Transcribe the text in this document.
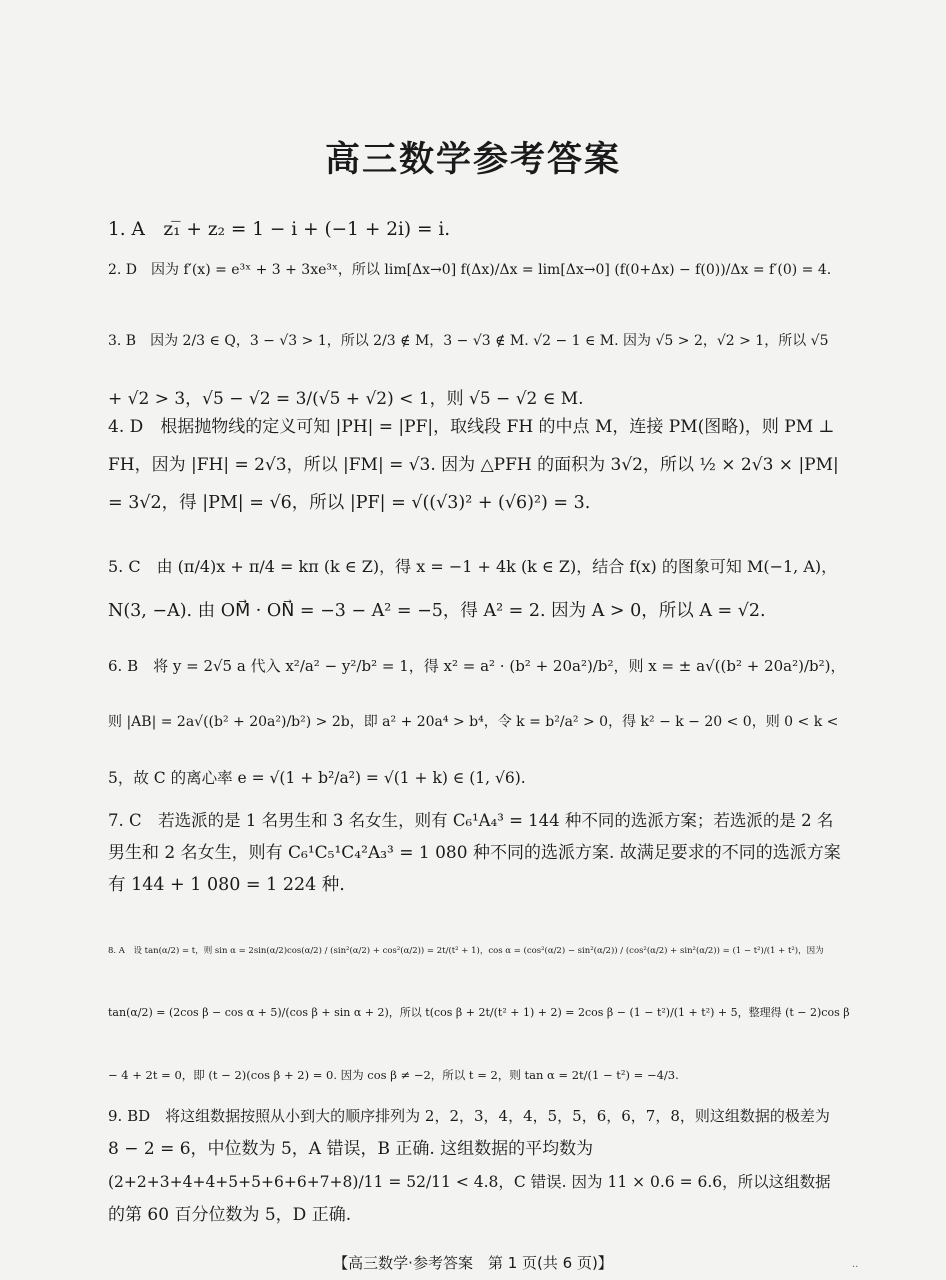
高三数学参考答案
1. A　z₁̅ + z₂ = 1 − i + (−1 + 2i) = i.
2. D　因为 f′(x) = e³ˣ + 3 + 3xe³ˣ，所以 lim[Δx→0] f(Δx)/Δx = lim[Δx→0] (f(0+Δx) − f(0))/Δx = f′(0) = 4.
3. B　因为 2/3 ∈ Q，3 − √3 > 1，所以 2/3 ∉ M，3 − √3 ∉ M. √2 − 1 ∈ M. 因为 √5 > 2，√2 > 1，所以 √5
+ √2 > 3，√5 − √2 = 3/(√5 + √2) < 1，则 √5 − √2 ∈ M.
4. D　根据抛物线的定义可知 |PH| = |PF|，取线段 FH 的中点 M，连接 PM(图略)，则 PM ⊥
FH，因为 |FH| = 2√3，所以 |FM| = √3. 因为 △PFH 的面积为 3√2，所以 ½ × 2√3 × |PM|
= 3√2，得 |PM| = √6，所以 |PF| = √((√3)² + (√6)²) = 3.
5. C　由 (π/4)x + π/4 = kπ (k ∈ Z)，得 x = −1 + 4k (k ∈ Z)，结合 f(x) 的图象可知 M(−1, A)，
N(3, −A). 由 OM⃗ · ON⃗ = −3 − A² = −5，得 A² = 2. 因为 A > 0，所以 A = √2.
6. B　将 y = 2√5 a 代入 x²/a² − y²/b² = 1，得 x² = a² · (b² + 20a²)/b²，则 x = ± a√((b² + 20a²)/b²)，
则 |AB| = 2a√((b² + 20a²)/b²) > 2b，即 a² + 20a⁴ > b⁴，令 k = b²/a² > 0，得 k² − k − 20 < 0，则 0 < k <
5，故 C 的离心率 e = √(1 + b²/a²) = √(1 + k) ∈ (1, √6).
7. C　若选派的是 1 名男生和 3 名女生，则有 C₆¹A₄³ = 144 种不同的选派方案；若选派的是 2 名
男生和 2 名女生，则有 C₆¹C₅¹C₄²A₃³ = 1 080 种不同的选派方案. 故满足要求的不同的选派方案
有 144 + 1 080 = 1 224 种.
8. A　设 tan(α/2) = t，则 sin α = 2sin(α/2)cos(α/2) / (sin²(α/2) + cos²(α/2)) = 2t/(t² + 1)，cos α = (cos²(α/2) − sin²(α/2)) / (cos²(α/2) + sin²(α/2)) = (1 − t²)/(1 + t²)，因为
tan(α/2) = (2cos β − cos α + 5)/(cos β + sin α + 2)，所以 t(cos β + 2t/(t² + 1) + 2) = 2cos β − (1 − t²)/(1 + t²) + 5，整理得 (t − 2)cos β
− 4 + 2t = 0，即 (t − 2)(cos β + 2) = 0. 因为 cos β ≠ −2，所以 t = 2，则 tan α = 2t/(1 − t²) = −4/3.
9. BD　将这组数据按照从小到大的顺序排列为 2，2，3，4，4，5，5，6，6，7，8，则这组数据的极差为
8 − 2 = 6，中位数为 5，A 错误，B 正确. 这组数据的平均数为
(2+2+3+4+4+5+5+6+6+7+8)/11 = 52/11 < 4.8，C 错误. 因为 11 × 0.6 = 6.6，所以这组数据
的第 60 百分位数为 5，D 正确.
【高三数学·参考答案　第 1 页(共 6 页)】	··
